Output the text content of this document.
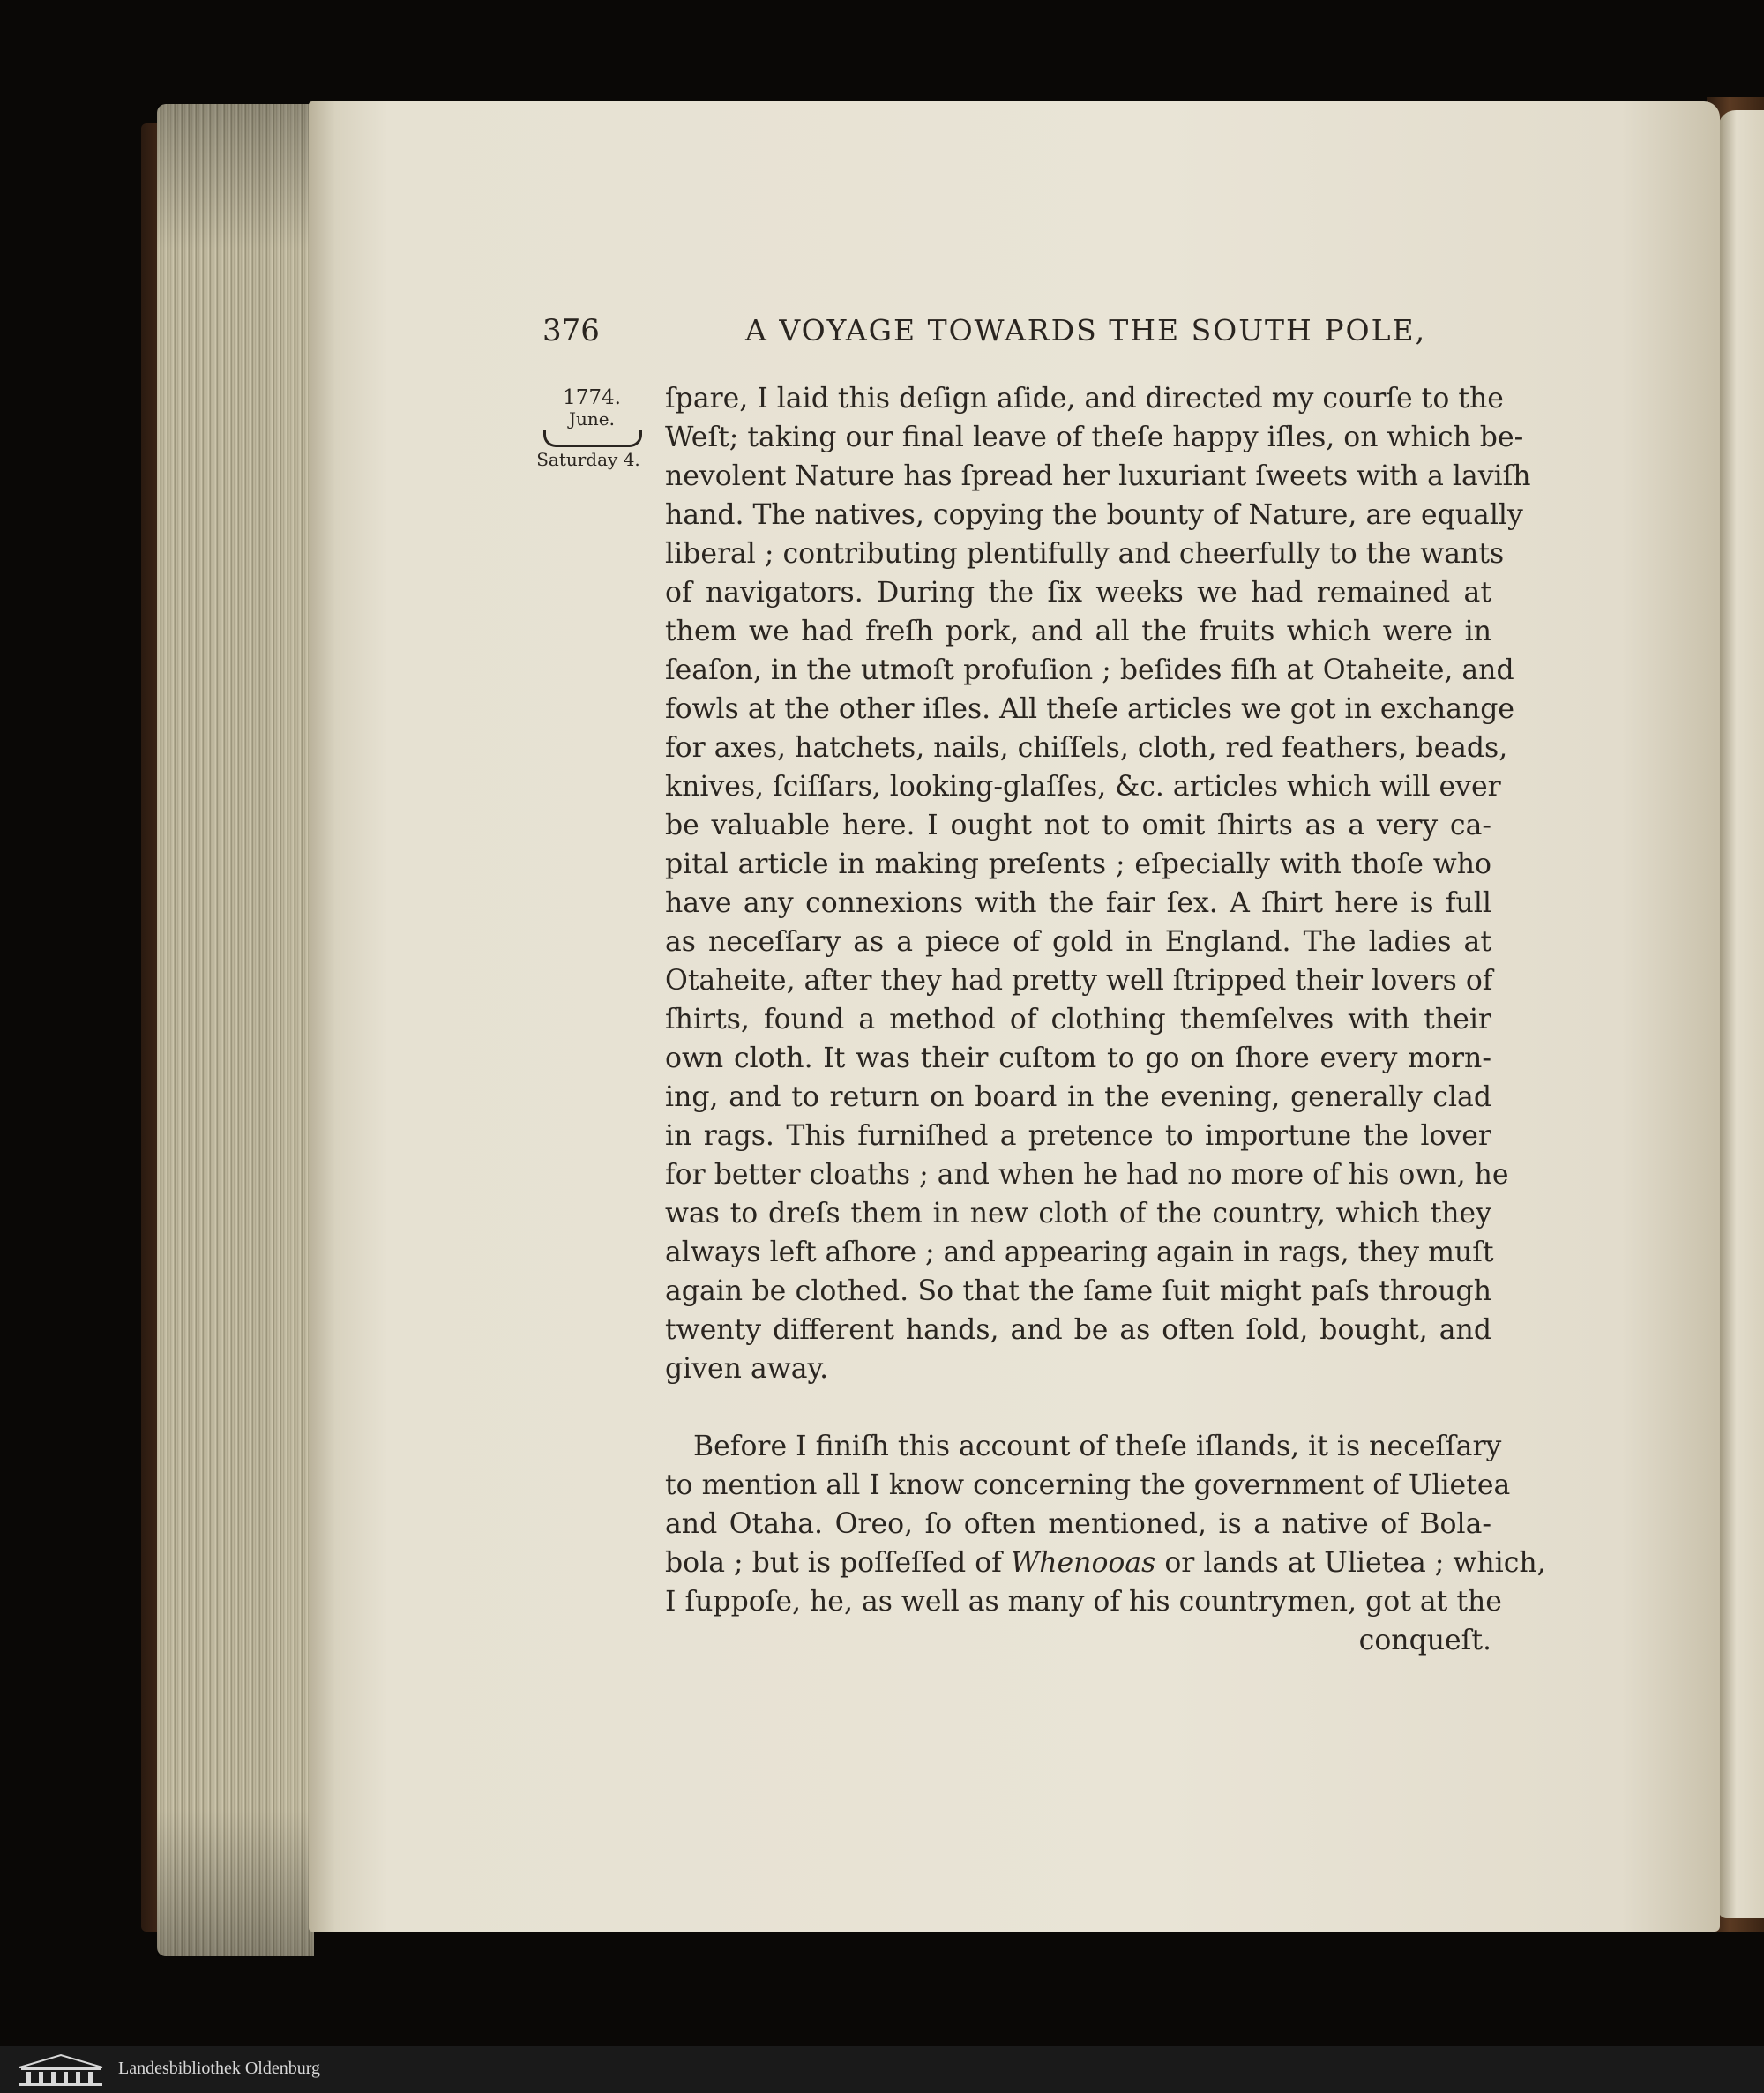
376	A VOYAGE TOWARDS THE SOUTH POLE,
1774.
June.
Saturday 4.
ſpare, I laid this deſign aſide, and directed my courſe to the
Weſt; taking our final leave of theſe happy iſles, on which be-
nevolent Nature has ſpread her luxuriant ſweets with a laviſh
hand. The natives, copying the bounty of Nature, are equally
liberal ; contributing plentifully and cheerfully to the wants
of navigators. During the ſix weeks we had remained at
them we had freſh pork, and all the fruits which were in
ſeaſon, in the utmoſt profuſion ; beſides fiſh at Otaheite, and
fowls at the other iſles. All theſe articles we got in exchange
for axes, hatchets, nails, chiſſels, cloth, red feathers, beads,
knives, ſciſſars, looking-glaſſes, &c. articles which will ever
be valuable here. I ought not to omit ſhirts as a very ca-
pital article in making preſents ; eſpecially with thoſe who
have any connexions with the fair ſex. A ſhirt here is full
as neceſſary as a piece of gold in England. The ladies at
Otaheite, after they had pretty well ſtripped their lovers of
ſhirts, found a method of clothing themſelves with their
own cloth. It was their cuſtom to go on ſhore every morn-
ing, and to return on board in the evening, generally clad
in rags. This furniſhed a pretence to importune the lover
for better cloaths ; and when he had no more of his own, he
was to dreſs them in new cloth of the country, which they
always left aſhore ; and appearing again in rags, they muſt
again be clothed. So that the ſame ſuit might paſs through
twenty different hands, and be as often ſold, bought, and
given away.
Before I finiſh this account of theſe iſlands, it is neceſſary
to mention all I know concerning the government of Ulietea
and Otaha. Oreo, ſo often mentioned, is a native of Bola-
bola ; but is poſſeſſed of Whenooas or lands at Ulietea ; which,
I ſuppoſe, he, as well as many of his countrymen, got at the
conqueſt.
Landesbibliothek Oldenburg
